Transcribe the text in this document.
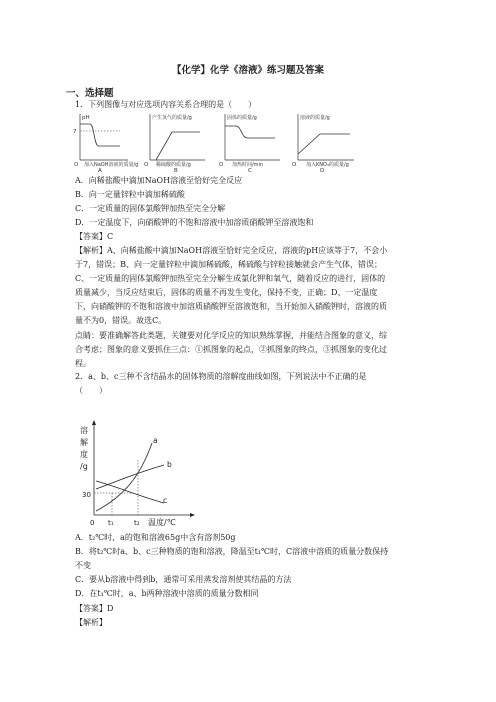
【化学】化学《溶液》练习题及答案
一、选择题
1．下列图像与对应选项内容关系合理的是（　　）
pH
7
O 加入NaOH溶液的质量/g
A
产生氢气的质量/g
O 稀硫酸的质量/g
B
固体的质量/g
O 加热时间/min
C
溶液的质量/g
O 加入KNO₃的质量/g
D
A．向稀盐酸中滴加NaOH溶液至恰好完全反应
B．向一定量锌粒中滴加稀硫酸
C．一定质量的固体氯酸钾加热至完全分解
D．一定温度下，向硝酸钾的不饱和溶液中加溶质硝酸钾至溶液饱和
【答案】C
【解析】A、向稀盐酸中滴加NaOH溶液至恰好完全反应，溶液的pH应该等于7，不会小
于7，错误；B、向一定量锌粒中滴加稀硫酸，稀硫酸与锌粒接触就会产生气体，错误；
C、一定质量的固体氯酸钾加热至完全分解生成氯化钾和氧气，随着反应的进行，固体的
质量减少，当反应结束后，固体的质量不再发生变化，保持不变，正确；D、一定温度
下，向硝酸钾的不饱和溶液中加溶质硝酸钾至溶液饱和，当开始加入硝酸钾时，溶液的质
量不为0，错误。故选C。
点睛：要准确解答此类题，关键要对化学反应的知识熟练掌握，并能结合图象的意义，综
合考虑；图象的意义要抓住三点：①抓图象的起点，②抓图象的终点，③抓图象的变化过
程。
2．a、b、c三种不含结晶水的固体物质的溶解度曲线如图，下列说法中不正确的是
（　　）
溶
解
度
/g
30
a
b
c
0 t₁	t₂ 温度/℃
A．t₂℃时，a的饱和溶液65g中含有溶剂50g
B．将t₂℃时a、b、c三种物质的饱和溶液，降温至t₁℃时，C溶液中溶质的质量分数保持
不变
C．要从b溶液中得到b，通常可采用蒸发溶剂使其结晶的方法
D．在t₁℃时，a、b两种溶液中溶质的质量分数相同
【答案】D
【解析】
